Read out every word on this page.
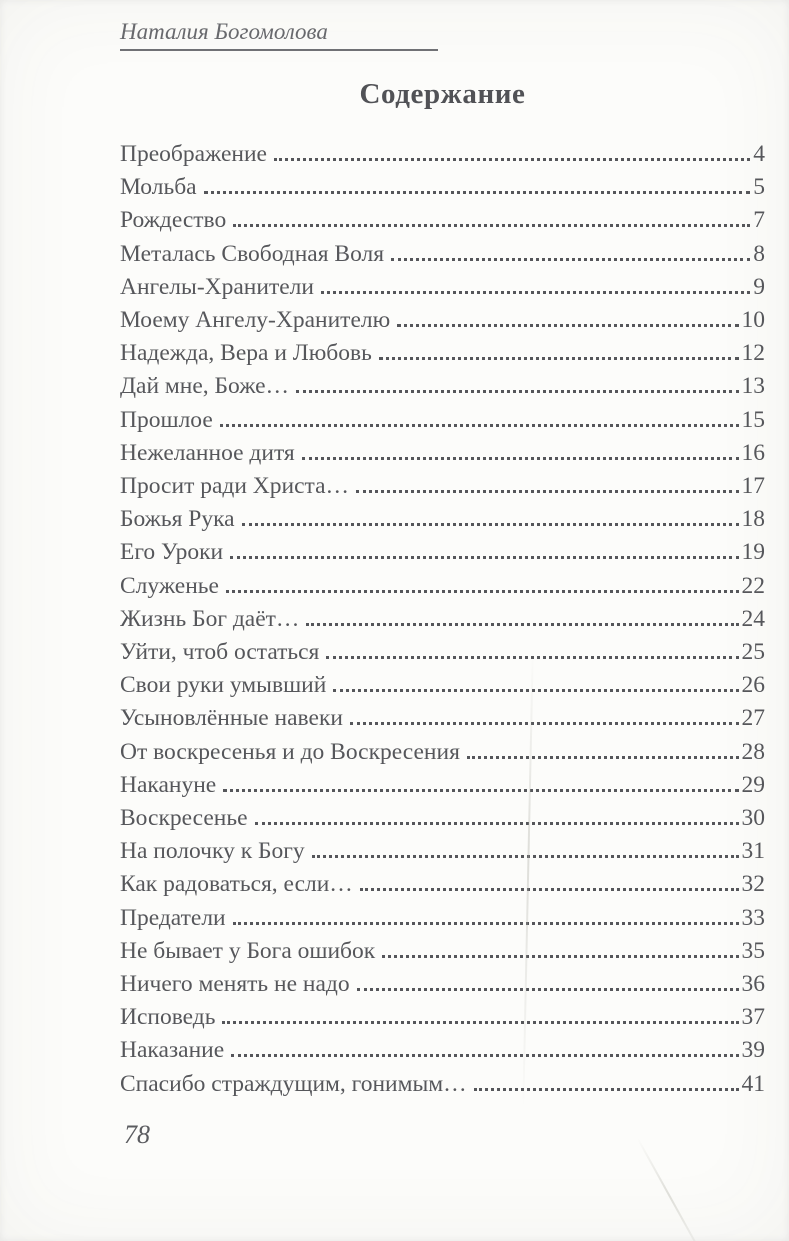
Наталия Богомолова
Содержание
Преображение	4
Мольба	5
Рождество	7
Металась Свободная Воля	8
Ангелы-Хранители	9
Моему Ангелу-Хранителю	10
Надежда, Вера и Любовь	12
Дай мне, Боже…	13
Прошлое	15
Нежеланное дитя	16
Просит ради Христа…	17
Божья Рука	18
Его Уроки	19
Служенье	22
Жизнь Бог даёт…	24
Уйти, чтоб остаться	25
Свои руки умывший	26
Усыновлённые навеки	27
От воскресенья и до Воскресения	28
Накануне	29
Воскресенье	30
На полочку к Богу	31
Как радоваться, если…	32
Предатели	33
Не бывает у Бога ошибок	35
Ничего менять не надо	36
Исповедь	37
Наказание	39
Спасибо страждущим, гонимым…	41
78
